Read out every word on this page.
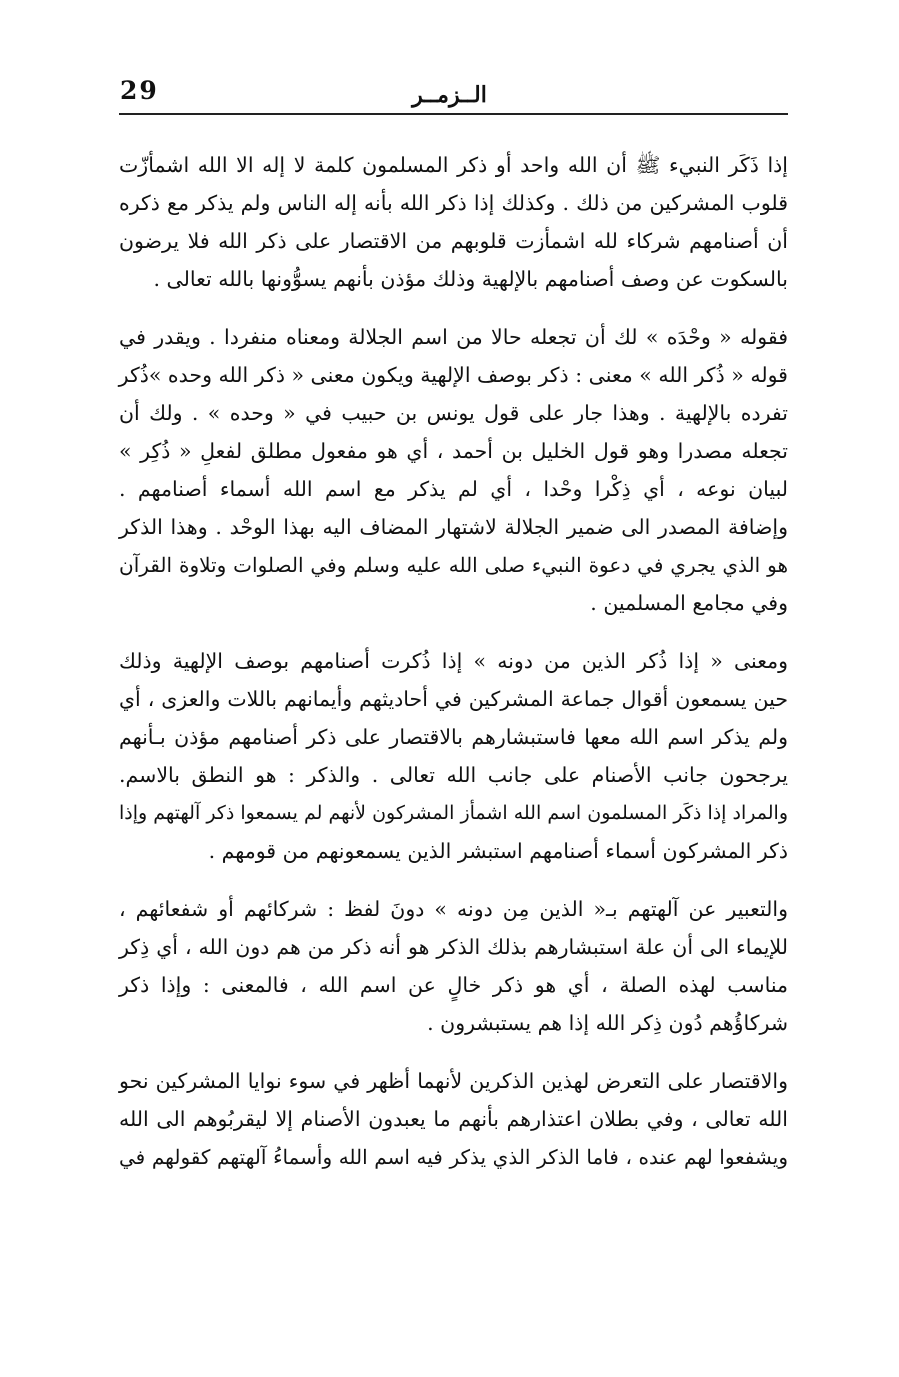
29	الــزمــر
إذا ذَكَر النبيء ﷺ أن الله واحد أو ذكر المسلمون كلمة لا إله الا الله اشمأزّت
قلوب المشركين من ذلك . وكذلك إذا ذكر الله بأنه إله الناس ولم يذكر مع ذكره
أن أصنامهم شركاء لله اشمأزت قلوبهم من الاقتصار على ذكر الله فلا يرضون
بالسكوت عن وصف أصنامهم بالإلهية وذلك مؤذن بأنهم يسوُّونها بالله تعالى .
فقوله « وحْدَه » لك أن تجعله حالا من اسم الجلالة ومعناه منفردا . ويقدر في
قوله « ذُكر الله » معنى : ذكر بوصف الإلهية ويكون معنى « ذكر الله وحده »ذُكر
تفرده بالإلهية . وهذا جار على قول يونس بن حبيب في « وحده » . ولك أن
تجعله مصدرا وهو قول الخليل بن أحمد ، أي هو مفعول مطلق لفعلِ « ذُكِر »
لبيان نوعه ، أي ذِكْرا وحْدا ، أي لم يذكر مع اسم الله أسماء أصنامهم .
وإضافة المصدر الى ضمير الجلالة لاشتهار المضاف اليه بهذا الوحْد . وهذا الذكر
هو الذي يجري في دعوة النبيء صلى الله عليه وسلم وفي الصلوات وتلاوة القرآن
وفي مجامع المسلمين .
ومعنى « إذا ذُكر الذين من دونه » إذا ذُكرت أصنامهم بوصف الإلهية وذلك
حين يسمعون أقوال جماعة المشركين في أحاديثهم وأيمانهم باللات والعزى ، أي
ولم يذكر اسم الله معها فاستبشارهم بالاقتصار على ذكر أصنامهم مؤذن بـأنهم
يرجحون جانب الأصنام على جانب الله تعالى . والذكر : هو النطق بالاسم.
والمراد إذا ذكَر المسلمون اسم الله اشمأز المشركون لأنهم لم يسمعوا ذكر آلهتهم وإذا
ذكر المشركون أسماء أصنامهم استبشر الذين يسمعونهم من قومهم .
والتعبير عن آلهتهم بـ« الذين مِن دونه » دونَ لفظ : شركائهم أو شفعائهم ،
للإيماء الى أن علة استبشارهم بذلك الذكر هو أنه ذكر من هم دون الله ، أي ذِكر
مناسب لهذه الصلة ، أي هو ذكر خالٍ عن اسم الله ، فالمعنى : وإذا ذكر
شركاؤُهم دُون ذِكر الله إذا هم يستبشرون .
والاقتصار على التعرض لهذين الذكرين لأنهما أظهر في سوء نوايا المشركين نحو
الله تعالى ، وفي بطلان اعتذارهم بأنهم ما يعبدون الأصنام إلا ليقربُوهم الى الله
ويشفعوا لهم عنده ، فاما الذكر الذي يذكر فيه اسم الله وأسماءُ آلهتهم كقولهم في
